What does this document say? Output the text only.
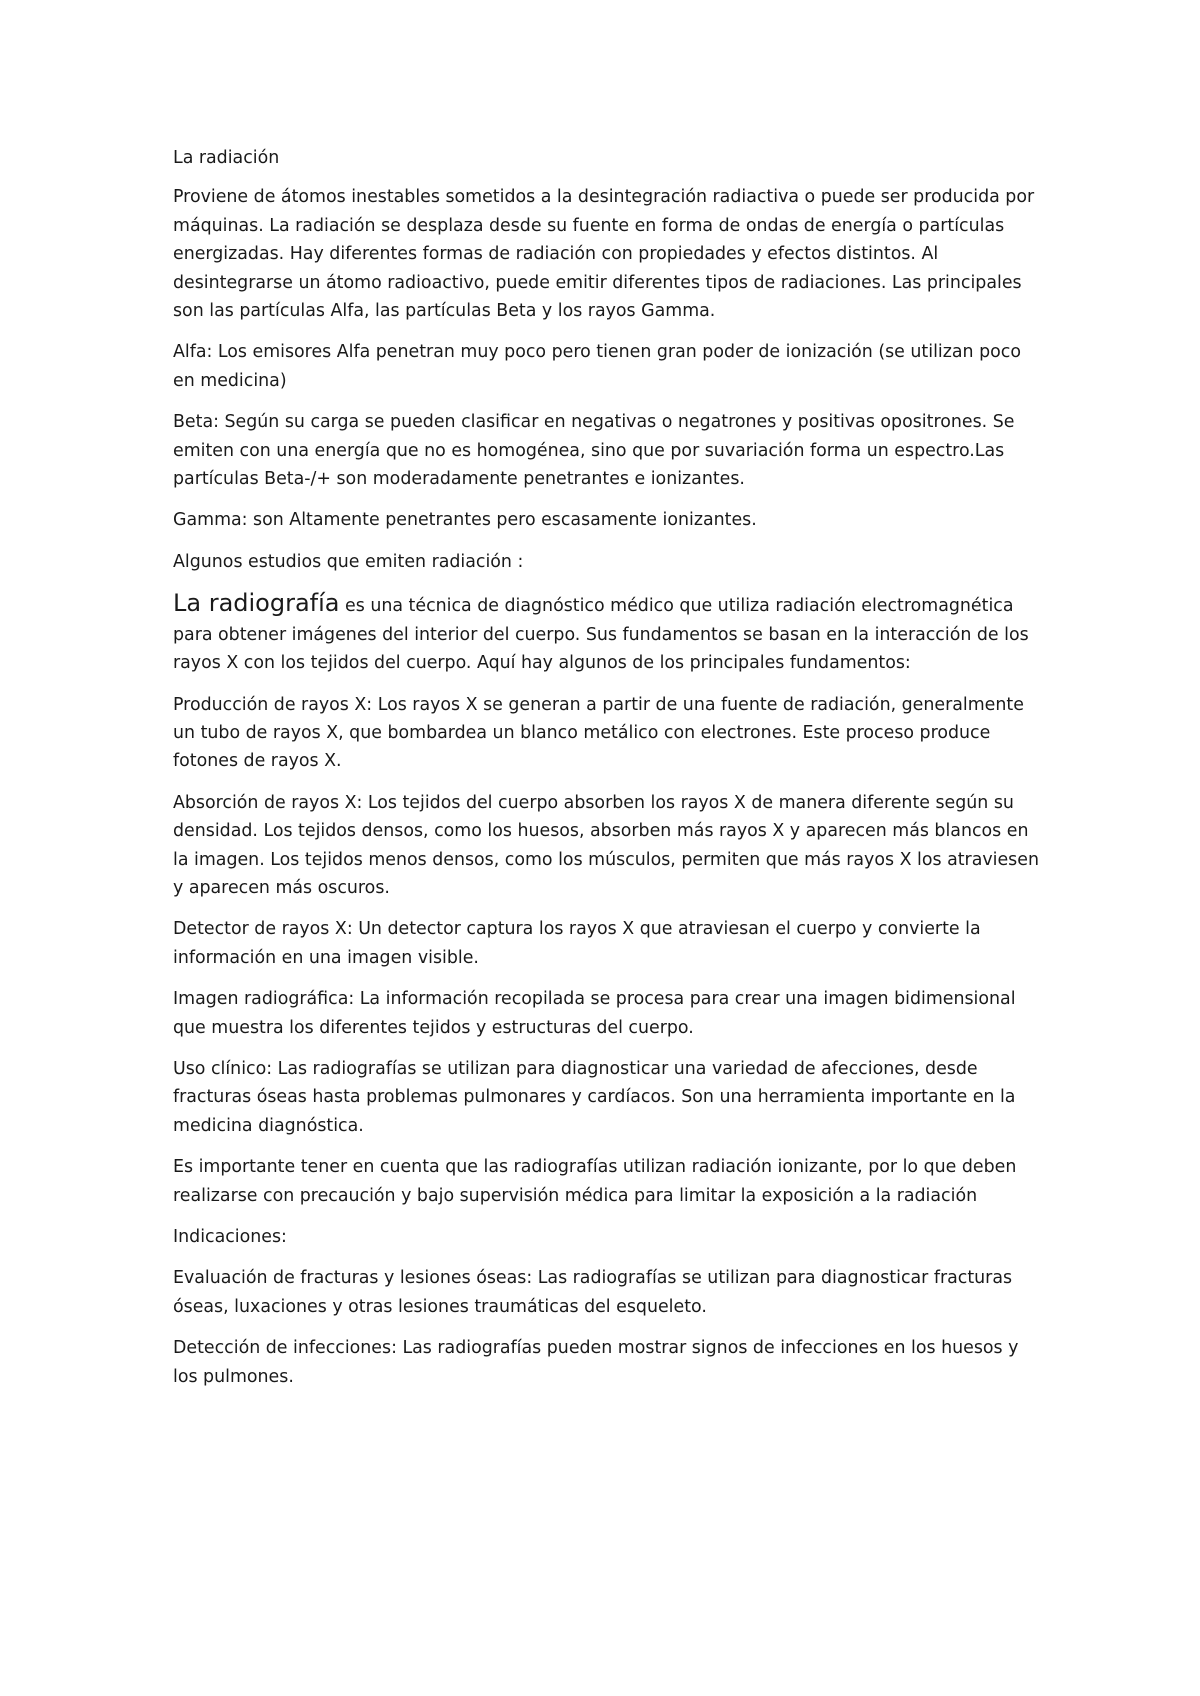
La radiación

Proviene de átomos inestables sometidos a la desintegración radiactiva o puede ser producida por máquinas. La radiación se desplaza desde su fuente en forma de ondas de energía o partículas energizadas. Hay diferentes formas de radiación con propiedades y efectos distintos. Al desintegrarse un átomo radioactivo, puede emitir diferentes tipos de radiaciones. Las principales son las partículas Alfa, las partículas Beta y los rayos Gamma.

Alfa: Los emisores Alfa penetran muy poco pero tienen gran poder de ionización (se utilizan poco en medicina)

Beta: Según su carga se pueden clasificar en negativas o negatrones y positivas opositrones. Se emiten con una energía que no es homogénea, sino que por suvariación forma un espectro.Las partículas Beta-/+ son moderadamente penetrantes e ionizantes.

Gamma: son Altamente penetrantes pero escasamente ionizantes.

Algunos estudios que emiten radiación :

La radiografía es una técnica de diagnóstico médico que utiliza radiación electromagnética para obtener imágenes del interior del cuerpo. Sus fundamentos se basan en la interacción de los rayos X con los tejidos del cuerpo. Aquí hay algunos de los principales fundamentos:

Producción de rayos X: Los rayos X se generan a partir de una fuente de radiación, generalmente un tubo de rayos X, que bombardea un blanco metálico con electrones. Este proceso produce fotones de rayos X.

Absorción de rayos X: Los tejidos del cuerpo absorben los rayos X de manera diferente según su densidad. Los tejidos densos, como los huesos, absorben más rayos X y aparecen más blancos en la imagen. Los tejidos menos densos, como los músculos, permiten que más rayos X los atraviesen y aparecen más oscuros.

Detector de rayos X: Un detector captura los rayos X que atraviesan el cuerpo y convierte la información en una imagen visible.

Imagen radiográfica: La información recopilada se procesa para crear una imagen bidimensional que muestra los diferentes tejidos y estructuras del cuerpo.

Uso clínico: Las radiografías se utilizan para diagnosticar una variedad de afecciones, desde fracturas óseas hasta problemas pulmonares y cardíacos. Son una herramienta importante en la medicina diagnóstica.

Es importante tener en cuenta que las radiografías utilizan radiación ionizante, por lo que deben realizarse con precaución y bajo supervisión médica para limitar la exposición a la radiación

Indicaciones:

Evaluación de fracturas y lesiones óseas: Las radiografías se utilizan para diagnosticar fracturas óseas, luxaciones y otras lesiones traumáticas del esqueleto.

Detección de infecciones: Las radiografías pueden mostrar signos de infecciones en los huesos y los pulmones.
